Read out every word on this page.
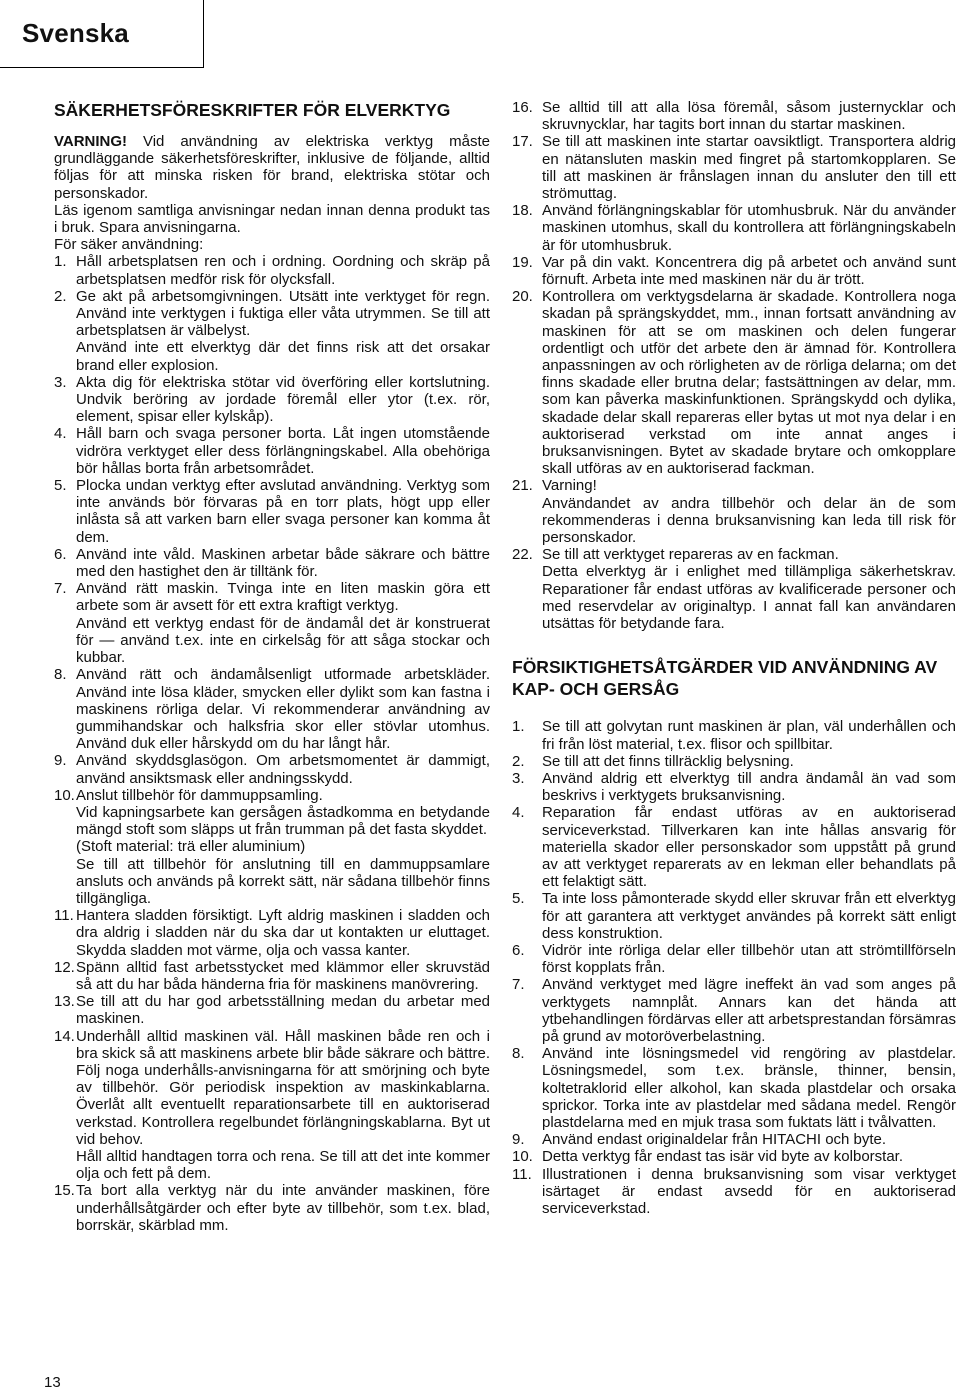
Svenska
SÄKERHETSFÖRESKRIFTER FÖR ELVERKTYG

VARNING! Vid användning av elektriska verktyg måste grundläggande säkerhetsföreskrifter, inklusive de följande, alltid följas för att minska risken för brand, elektriska stötar och personskador.

Läs igenom samtliga anvisningar nedan innan denna produkt tas i bruk. Spara anvisningarna.

För säker användning:

1. Håll arbetsplatsen ren och i ordning. Oordning och skräp på arbetsplatsen medför risk för olycksfall.
2. Ge akt på arbetsomgivningen. Utsätt inte verktyget för regn. Använd inte verktygen i fuktiga eller våta utrymmen. Se till att arbetsplatsen är välbelyst.
Använd inte ett elverktyg där det finns risk att det orsakar brand eller explosion.
3. Akta dig för elektriska stötar vid överföring eller kortslutning. Undvik beröring av jordade föremål eller ytor (t.ex. rör, element, spisar eller kylskåp).
4. Håll barn och svaga personer borta. Låt ingen utomstående vidröra verktyget eller dess förlängningskabel. Alla obehöriga bör hållas borta från arbetsområdet.
5. Plocka undan verktyg efter avslutad användning. Verktyg som inte används bör förvaras på en torr plats, högt upp eller inlåsta så att varken barn eller svaga personer kan komma åt dem.
6. Använd inte våld. Maskinen arbetar både säkrare och bättre med den hastighet den är tilltänk för.
7. Använd rätt maskin. Tvinga inte en liten maskin göra ett arbete som är avsett för ett extra kraftigt verktyg.
Använd ett verktyg endast för de ändamål det är konstruerat för — använd t.ex. inte en cirkelsåg för att såga stockar och kubbar.
8. Använd rätt och ändamålsenligt utformade arbetskläder. Använd inte lösa kläder, smycken eller dylikt som kan fastna i maskinens rörliga delar. Vi rekommenderar användning av gummihandskar och halksfria skor eller stövlar utomhus. Använd duk eller hårskydd om du har långt hår.
9. Använd skyddsglasögon. Om arbetsmomentet är dammigt, använd ansiktsmask eller andningsskydd.
10. Anslut tillbehör för dammuppsamling.
Vid kapningsarbete kan gersågen åstadkomma en betydande mängd stoft som släpps ut från trumman på det fasta skyddet.
(Stoft material: trä eller aluminium)
Se till att tillbehör för anslutning till en dammuppsamlare ansluts och används på korrekt sätt, när sådana tillbehör finns tillgängliga.
11. Hantera sladden försiktigt. Lyft aldrig maskinen i sladden och dra aldrig i sladden när du ska dar ut kontakten ur eluttaget. Skydda sladden mot värme, olja och vassa kanter.
12. Spänn alltid fast arbetsstycket med klämmor eller skruvstäd så att du har båda händerna fria för maskinens manövrering.
13. Se till att du har god arbetsställning medan du arbetar med maskinen.
14. Underhåll alltid maskinen väl. Håll maskinen både ren och i bra skick så att maskinens arbete blir både säkrare och bättre. Följ noga underhålls-anvisningarna för att smörjning och byte av tillbehör. Gör periodisk inspektion av maskinkablarna. Överlåt allt eventuellt reparationsarbete till en auktoriserad verkstad. Kontrollera regelbundet förlängningskablarna. Byt ut vid behov.
Håll alltid handtagen torra och rena. Se till att det inte kommer olja och fett på dem.
15. Ta bort alla verktyg när du inte använder maskinen, före underhållsåtgärder och efter byte av tillbehör, som t.ex. blad, borrskär, skärblad mm.
16. Se alltid till att alla lösa föremål, såsom justernycklar och skruvnycklar, har tagits bort innan du startar maskinen.
17. Se till att maskinen inte startar oavsiktligt. Transportera aldrig en nätansluten maskin med fingret på startomkopplaren. Se till att maskinen är frånslagen innan du ansluter den till ett strömuttag.
18. Använd förlängningskablar för utomhusbruk. När du använder maskinen utomhus, skall du kontrollera att förlängningskabeln är för utomhusbruk.
19. Var på din vakt. Koncentrera dig på arbetet och använd sunt förnuft. Arbeta inte med maskinen när du är trött.
20. Kontrollera om verktygsdelarna är skadade. Kontrollera noga skadan på sprängskyddet, mm., innan fortsatt användning av maskinen för att se om maskinen och delen fungerar ordentligt och utför det arbete den är ämnad för. Kontrollera anpassningen av och rörligheten av de rörliga delarna; om det finns skadade eller brutna delar; fastsättningen av delar, mm. som kan påverka maskinfunktionen. Sprängskydd och dylika, skadade delar skall repareras eller bytas ut mot nya delar i en auktoriserad verkstad om inte annat anges i bruksanvisningen. Bytet av skadade brytare och omkopplare skall utföras av en auktoriserad fackman.
21. Varning!
Användandet av andra tillbehör och delar än de som rekommenderas i denna bruksanvisning kan leda till risk för personskador.
22. Se till att verktyget repareras av en fackman.
Detta elverktyg är i enlighet med tillämpliga säkerhetskrav. Reparationer får endast utföras av kvalificerade personer och med reservdelar av originaltyp. I annat fall kan användaren utsättas för betydande fara.
FÖRSIKTIGHETSÅTGÄRDER VID ANVÄNDNING AV KAP- OCH GERSÅG
1. Se till att golvytan runt maskinen är plan, väl underhållen och fri från löst material, t.ex. flisor och spillbitar.
2. Se till att det finns tillräcklig belysning.
3. Använd aldrig ett elverktyg till andra ändamål än vad som beskrivs i verktygets bruksanvisning.
4. Reparation får endast utföras av en auktoriserad serviceverkstad. Tillverkaren kan inte hållas ansvarig för materiella skador eller personskador som uppstått på grund av att verktyget reparerats av en lekman eller behandlats på ett felaktigt sätt.
5. Ta inte loss påmonterade skydd eller skruvar från ett elverktyg för att garantera att verktyget användes på korrekt sätt enligt dess konstruktion.
6. Vidrör inte rörliga delar eller tillbehör utan att strömtillförseln först kopplats från.
7. Använd verktyget med lägre ineffekt än vad som anges på verktygets namnplåt. Annars kan det hända att ytbehandlingen fördärvas eller att arbetsprestandan försämras på grund av motoröverbelastning.
8. Använd inte lösningsmedel vid rengöring av plastdelar. Lösningsmedel, som t.ex. bränsle, thinner, bensin, koltetraklorid eller alkohol, kan skada plastdelar och orsaka sprickor. Torka inte av plastdelar med sådana medel. Rengör plastdelarna med en mjuk trasa som fuktats lätt i tvålvatten.
9. Använd endast originaldelar från HITACHI och byte.
10. Detta verktyg får endast tas isär vid byte av kolborstar.
11. Illustrationen i denna bruksanvisning som visar verktyget isärtaget är endast avsedd för en auktoriserad serviceverkstad.
13
